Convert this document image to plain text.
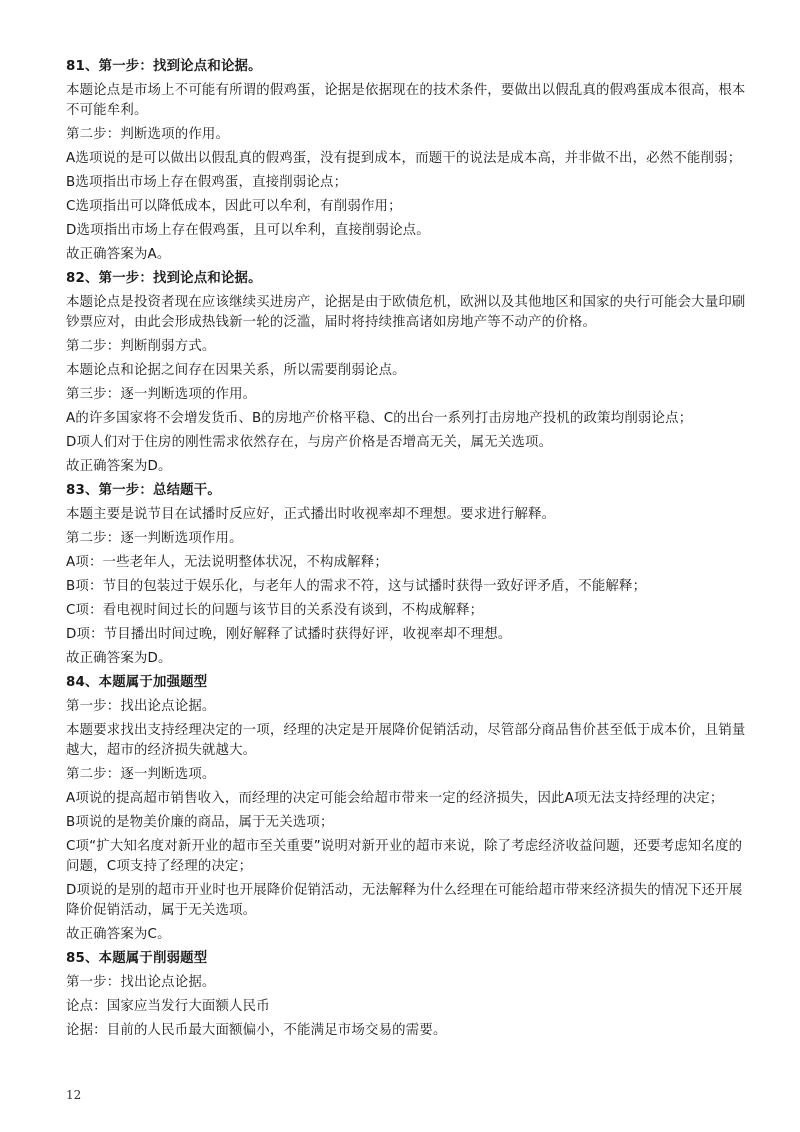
81、第一步：找到论点和论据。

本题论点是市场上不可能有所谓的假鸡蛋，论据是依据现在的技术条件，要做出以假乱真的假鸡蛋成本很高，根本不可能牟利。

第二步：判断选项的作用。

A选项说的是可以做出以假乱真的假鸡蛋，没有提到成本，而题干的说法是成本高，并非做不出，必然不能削弱；

B选项指出市场上存在假鸡蛋，直接削弱论点；

C选项指出可以降低成本，因此可以牟利，有削弱作用；

D选项指出市场上存在假鸡蛋，且可以牟利，直接削弱论点。

故正确答案为A。

82、第一步：找到论点和论据。

本题论点是投资者现在应该继续买进房产，论据是由于欧债危机，欧洲以及其他地区和国家的央行可能会大量印刷钞票应对，由此会形成热钱新一轮的泛滥，届时将持续推高诸如房地产等不动产的价格。

第二步：判断削弱方式。

本题论点和论据之间存在因果关系，所以需要削弱论点。

第三步：逐一判断选项的作用。

A的许多国家将不会增发货币、B的房地产价格平稳、C的出台一系列打击房地产投机的政策均削弱论点；

D项人们对于住房的刚性需求依然存在，与房产价格是否增高无关，属无关选项。

故正确答案为D。

83、第一步：总结题干。

本题主要是说节目在试播时反应好，正式播出时收视率却不理想。要求进行解释。

第二步：逐一判断选项作用。

A项：一些老年人，无法说明整体状况，不构成解释；

B项：节目的包装过于娱乐化，与老年人的需求不符，这与试播时获得一致好评矛盾，不能解释；

C项：看电视时间过长的问题与该节目的关系没有谈到，不构成解释；

D项：节目播出时间过晚，刚好解释了试播时获得好评，收视率却不理想。

故正确答案为D。

84、本题属于加强题型

第一步：找出论点论据。

本题要求找出支持经理决定的一项，经理的决定是开展降价促销活动，尽管部分商品售价甚至低于成本价，且销量越大，超市的经济损失就越大。

第二步：逐一判断选项。

A项说的提高超市销售收入，而经理的决定可能会给超市带来一定的经济损失，因此A项无法支持经理的决定；

B项说的是物美价廉的商品，属于无关选项；

C项“扩大知名度对新开业的超市至关重要”说明对新开业的超市来说，除了考虑经济收益问题，还要考虑知名度的问题，C项支持了经理的决定；

D项说的是别的超市开业时也开展降价促销活动，无法解释为什么经理在可能给超市带来经济损失的情况下还开展降价促销活动，属于无关选项。

故正确答案为C。

85、本题属于削弱题型

第一步：找出论点论据。

论点：国家应当发行大面额人民币

论据：目前的人民币最大面额偏小，不能满足市场交易的需要。

12
